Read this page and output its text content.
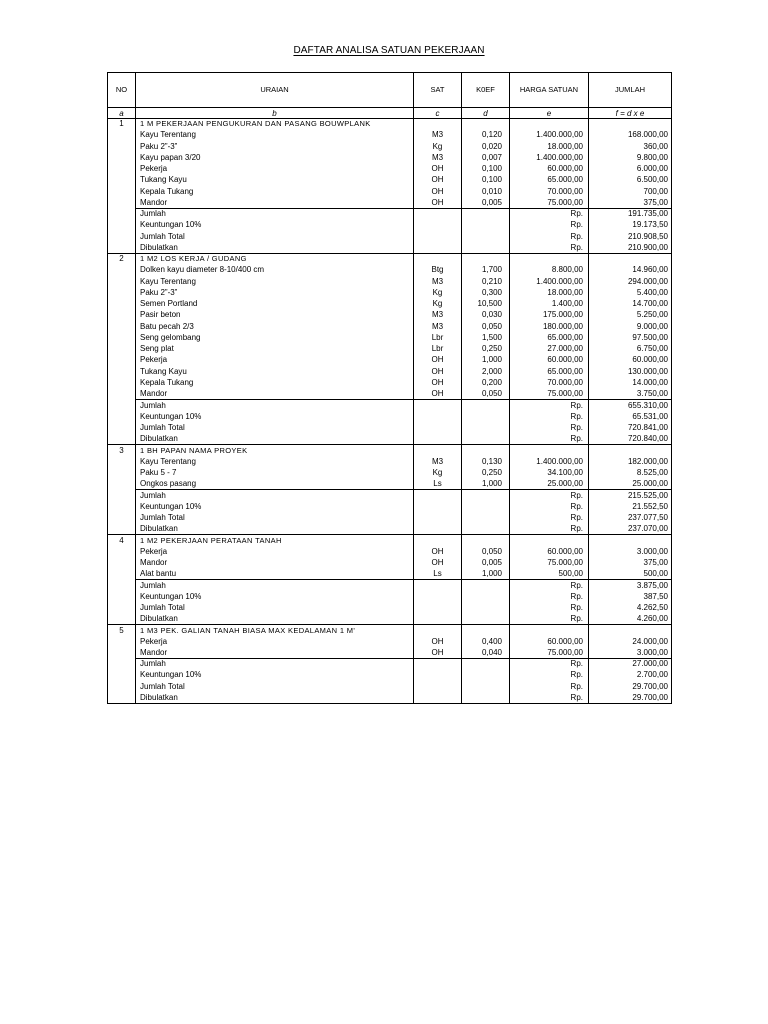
DAFTAR ANALISA SATUAN PEKERJAAN
NO	URAIAN	SAT	K0EF	HARGA SATUAN	JUMLAH
a	b	c	d	e	f = d x e
1	1 M PEKERJAAN PENGUKURAN DAN PASANG BOUWPLANK				
	Kayu Terentang	M3	0,120	1.400.000,00	168.000,00
	Paku 2”-3”	Kg	0,020	18.000,00	360,00
	Kayu papan 3/20	M3	0,007	1.400.000,00	9.800,00
	Pekerja	OH	0,100	60.000,00	6.000,00
	Tukang Kayu	OH	0,100	65.000,00	6.500,00
	Kepala Tukang	OH	0,010	70.000,00	700,00
	Mandor	OH	0,005	75.000,00	375,00
	Jumlah			Rp.	191.735,00
	Keuntungan 10%			Rp.	19.173,50
	Jumlah Total			Rp.	210.908,50
	Dibulatkan			Rp.	210.900,00
2	1 M2 LOS KERJA / GUDANG				
	Dolken kayu diameter 8-10/400 cm	Btg	1,700	8.800,00	14.960,00
	Kayu Terentang	M3	0,210	1.400.000,00	294.000,00
	Paku 2”-3”	Kg	0,300	18.000,00	5.400,00
	Semen Portland	Kg	10,500	1.400,00	14.700,00
	Pasir beton	M3	0,030	175.000,00	5.250,00
	Batu pecah 2/3	M3	0,050	180.000,00	9.000,00
	Seng gelombang	Lbr	1,500	65.000,00	97.500,00
	Seng plat	Lbr	0,250	27.000,00	6.750,00
	Pekerja	OH	1,000	60.000,00	60.000,00
	Tukang Kayu	OH	2,000	65.000,00	130.000,00
	Kepala Tukang	OH	0,200	70.000,00	14.000,00
	Mandor	OH	0,050	75.000,00	3.750,00
	Jumlah			Rp.	655.310,00
	Keuntungan 10%			Rp.	65.531,00
	Jumlah Total			Rp.	720.841,00
	Dibulatkan			Rp.	720.840,00
3	1 BH PAPAN NAMA PROYEK				
	Kayu Terentang	M3	0,130	1.400.000,00	182.000,00
	Paku 5 - 7	Kg	0,250	34.100,00	8.525,00
	Ongkos pasang	Ls	1,000	25.000,00	25.000,00
	Jumlah			Rp.	215.525,00
	Keuntungan 10%			Rp.	21.552,50
	Jumlah Total			Rp.	237.077,50
	Dibulatkan			Rp.	237.070,00
4	1 M2 PEKERJAAN PERATAAN TANAH				
	Pekerja	OH	0,050	60.000,00	3.000,00
	Mandor	OH	0,005	75.000,00	375,00
	Alat bantu	Ls	1,000	500,00	500,00
	Jumlah			Rp.	3.875,00
	Keuntungan 10%			Rp.	387,50
	Jumlah Total			Rp.	4.262,50
	Dibulatkan			Rp.	4.260,00
5	1 M3 PEK. GALIAN TANAH BIASA MAX KEDALAMAN 1 M'				
	Pekerja	OH	0,400	60.000,00	24.000,00
	Mandor	OH	0,040	75.000,00	3.000,00
	Jumlah			Rp.	27.000,00
	Keuntungan 10%			Rp.	2.700,00
	Jumlah Total			Rp.	29.700,00
	Dibulatkan			Rp.	29.700,00
